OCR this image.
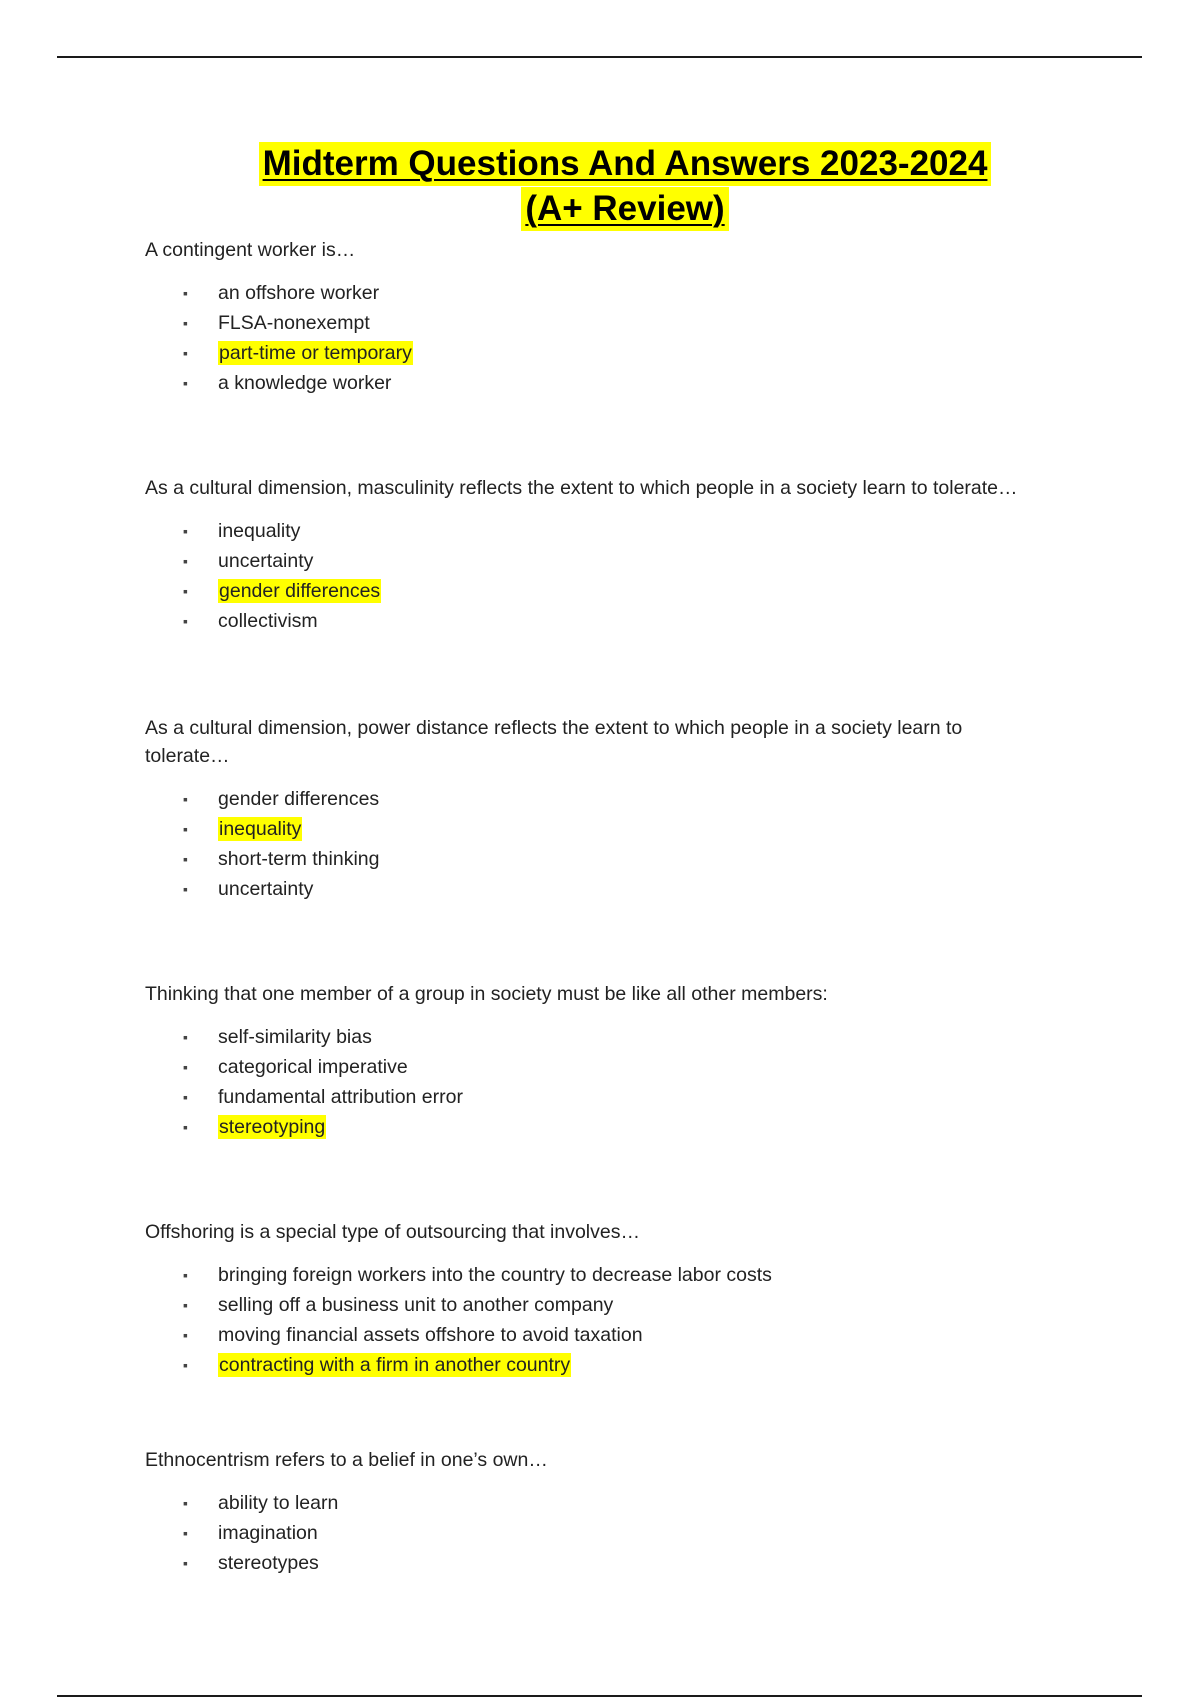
Midterm Questions And Answers 2023-2024
(A+ Review)

A contingent worker is…

▪ an offshore worker
▪ FLSA-nonexempt
▪ part-time or temporary
▪ a knowledge worker

As a cultural dimension, masculinity reflects the extent to which people in a society learn to tolerate…

▪ inequality
▪ uncertainty
▪ gender differences
▪ collectivism

As a cultural dimension, power distance reflects the extent to which people in a society learn to tolerate…

▪ gender differences
▪ inequality
▪ short-term thinking
▪ uncertainty

Thinking that one member of a group in society must be like all other members:

▪ self-similarity bias
▪ categorical imperative
▪ fundamental attribution error
▪ stereotyping

Offshoring is a special type of outsourcing that involves…

▪ bringing foreign workers into the country to decrease labor costs
▪ selling off a business unit to another company
▪ moving financial assets offshore to avoid taxation
▪ contracting with a firm in another country

Ethnocentrism refers to a belief in one’s own…

▪ ability to learn
▪ imagination
▪ stereotypes
